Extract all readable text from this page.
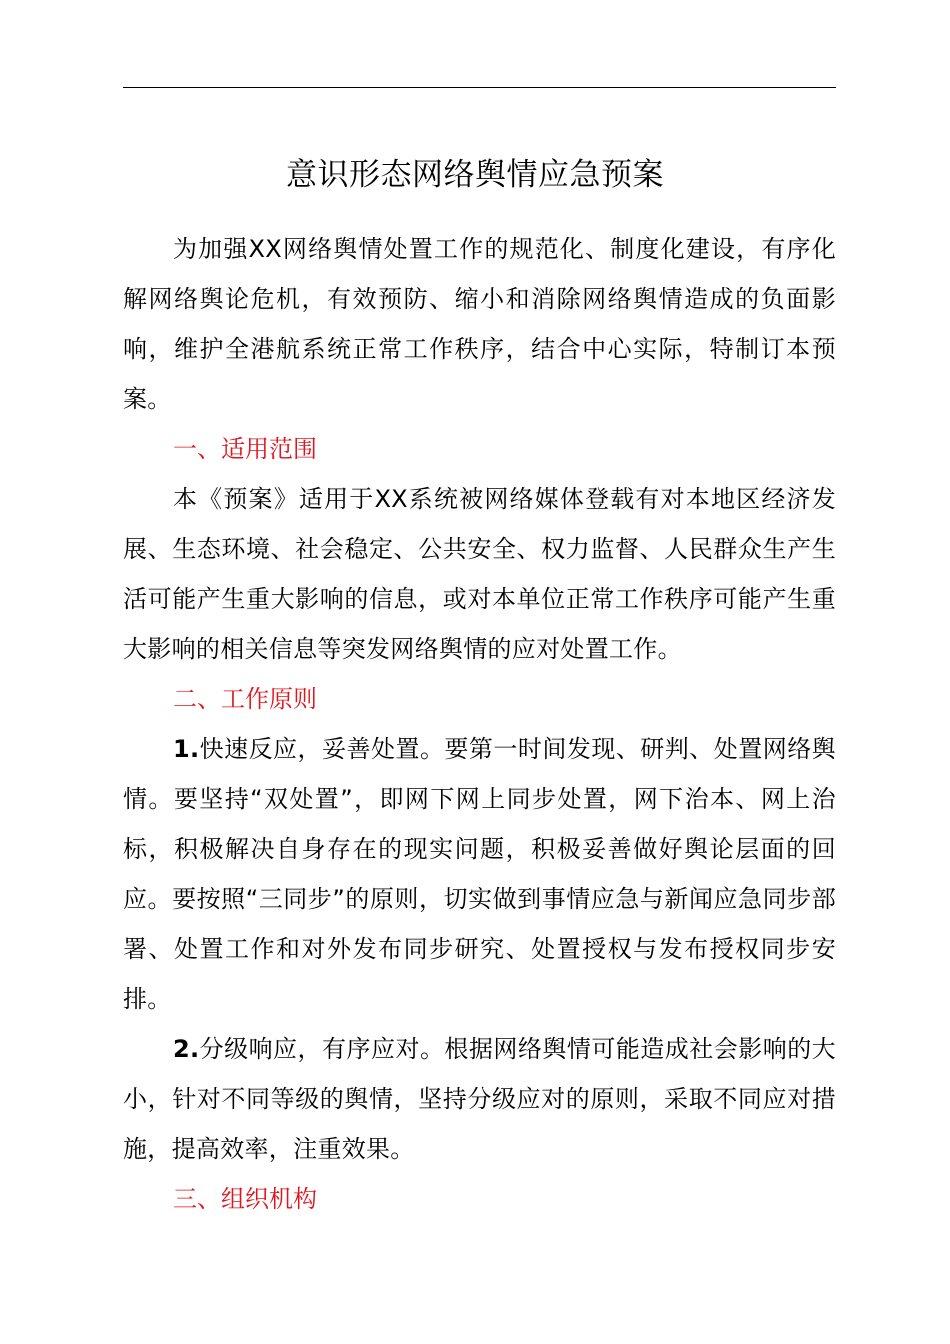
意识形态网络舆情应急预案

为加强XX网络舆情处置工作的规范化、制度化建设，有序化解网络舆论危机，有效预防、缩小和消除网络舆情造成的负面影响，维护全港航系统正常工作秩序，结合中心实际，特制订本预案。

一、适用范围

本《预案》适用于XX系统被网络媒体登载有对本地区经济发展、生态环境、社会稳定、公共安全、权力监督、人民群众生产生活可能产生重大影响的信息，或对本单位正常工作秩序可能产生重大影响的相关信息等突发网络舆情的应对处置工作。

二、工作原则

1.快速反应，妥善处置。要第一时间发现、研判、处置网络舆情。要坚持“双处置”，即网下网上同步处置，网下治本、网上治标，积极解决自身存在的现实问题，积极妥善做好舆论层面的回应。要按照“三同步”的原则，切实做到事情应急与新闻应急同步部署、处置工作和对外发布同步研究、处置授权与发布授权同步安排。

2.分级响应，有序应对。根据网络舆情可能造成社会影响的大小，针对不同等级的舆情，坚持分级应对的原则，采取不同应对措施，提高效率，注重效果。

三、组织机构
